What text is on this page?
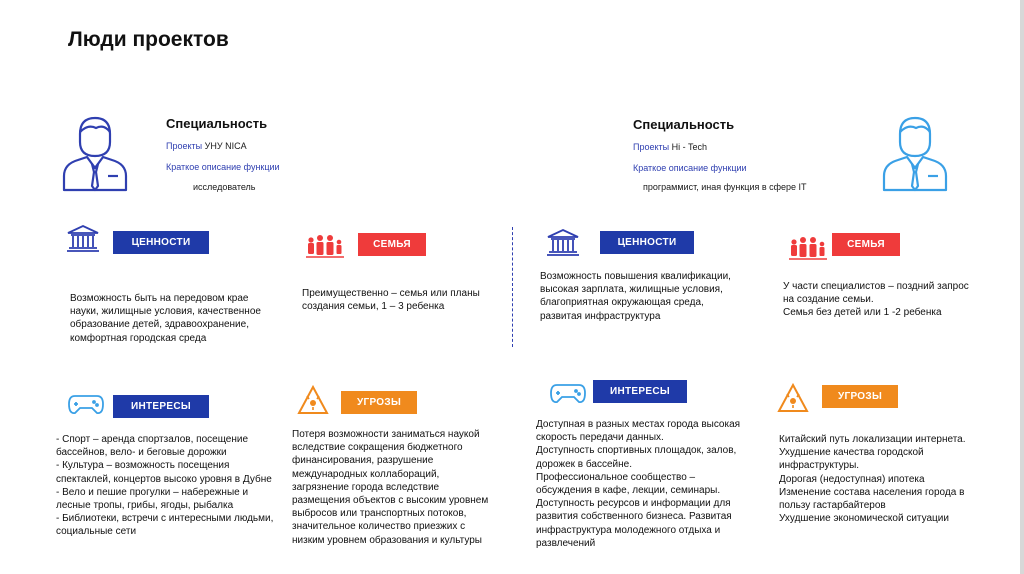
Люди проектов
Специальность
Проекты УНУ NICA
Краткое описание функции
исследователь
ЦЕННОСТИ
Возможность быть на передовом крае науки, жилищные условия, качественное образование детей, здравоохранение, комфортная городская среда
СЕМЬЯ
Преимущественно – семья или планы создания семьи, 1 – 3 ребенка
ИНТЕРЕСЫ
- Спорт – аренда спортзалов, посещение бассейнов, вело- и беговые дорожки
- Культура – возможность посещения спектаклей, концертов высоко уровня в Дубне
- Вело и пешие прогулки – набережные и лесные тропы, грибы, ягоды, рыбалка
- Библиотеки, встречи с интересными людьми, социальные сети
УГРОЗЫ
Потеря возможности заниматься наукой вследствие сокращения бюджетного финансирования, разрушение международных коллабораций, загрязнение города вследствие размещения объектов с высоким уровнем выбросов или транспортных потоков, значительное количество приезжих с низким уровнем образования и культуры
Специальность
Проекты Hi - Tech
Краткое описание функции
программист, иная функция в сфере IT
ЦЕННОСТИ
Возможность повышения квалификации, высокая зарплата, жилищные условия, благоприятная окружающая среда, развитая инфраструктура
СЕМЬЯ
У части специалистов – поздний запрос на создание семьи.
Семья без детей или 1 -2 ребенка
ИНТЕРЕСЫ
Доступная в разных местах города высокая скорость передачи данных.
Доступность спортивных площадок, залов, дорожек в бассейне.
Профессиональное сообщество – обсуждения в кафе, лекции, семинары. Доступность ресурсов и информации для развития собственного бизнеса. Развитая инфраструктура молодежного отдыха и развлечений
УГРОЗЫ
Китайский путь локализации интернета.
Ухудшение качества городской инфраструктуры.
Дорогая (недоступная) ипотека
Изменение состава населения города в пользу гастарбайтеров
Ухудшение экономической ситуации
